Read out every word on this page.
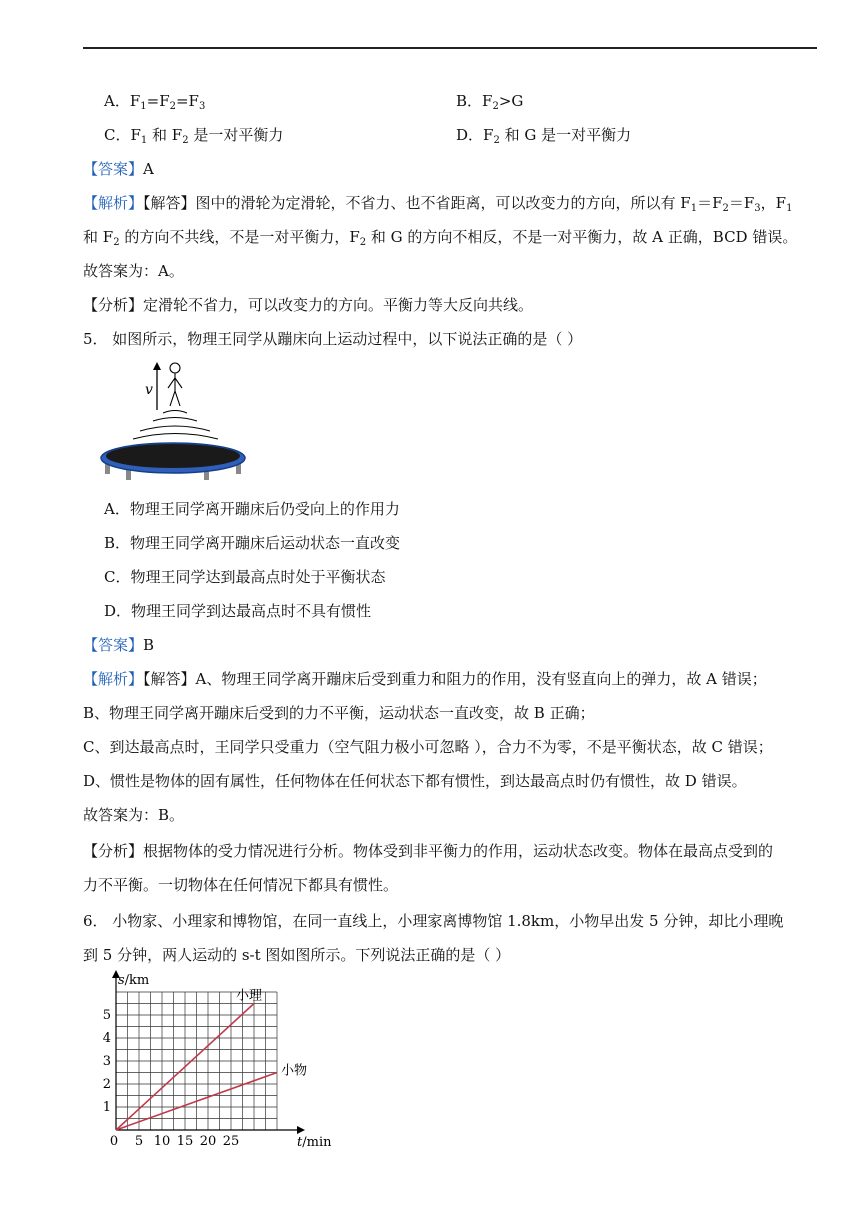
A．$F_1=F_2=F_3$	B．$F_2>G$
C．$F_1$ 和 $F_2$ 是一对平衡力	D．$F_2$ 和 G 是一对平衡力
【答案】A
【解析】【解答】图中的滑轮为定滑轮，不省力、也不省距离，可以改变力的方向，所以有 $F_1=F_2=F_3$，$F_1$
和 $F_2$ 的方向不共线，不是一对平衡力，$F_2$ 和 G 的方向不相反，不是一对平衡力，故 A 正确，BCD 错误。
故答案为：A。
【分析】定滑轮不省力，可以改变力的方向。平衡力等大反向共线。
5． 如图所示，物理王同学从蹦床向上运动过程中，以下说法正确的是（ ）
v
A．物理王同学离开蹦床后仍受向上的作用力
B．物理王同学离开蹦床后运动状态一直改变
C．物理王同学达到最高点时处于平衡状态
D．物理王同学到达最高点时不具有惯性
【答案】B
【解析】【解答】A、物理王同学离开蹦床后受到重力和阻力的作用，没有竖直向上的弹力，故 A 错误；
B、物理王同学离开蹦床后受到的力不平衡，运动状态一直改变，故 B 正确；
C、到达最高点时，王同学只受重力（空气阻力极小可忽略 ），合力不为零，不是平衡状态，故 C 错误；
D、惯性是物体的固有属性，任何物体在任何状态下都有惯性，到达最高点时仍有惯性，故 D 错误。
故答案为：B。
【分析】根据物体的受力情况进行分析。物体受到非平衡力的作用，运动状态改变。物体在最高点受到的
力不平衡。一切物体在任何情况下都具有惯性。
6． 小物家、小理家和博物馆，在同一直线上，小理家离博物馆 1.8km，小物早出发 5 分钟，却比小理晚
到 5 分钟，两人运动的 s-t 图如图所示。下列说法正确的是（ ）
5 10 15 20 25
1
2
3
4
5
0
小理
小物
s/km
t/min
